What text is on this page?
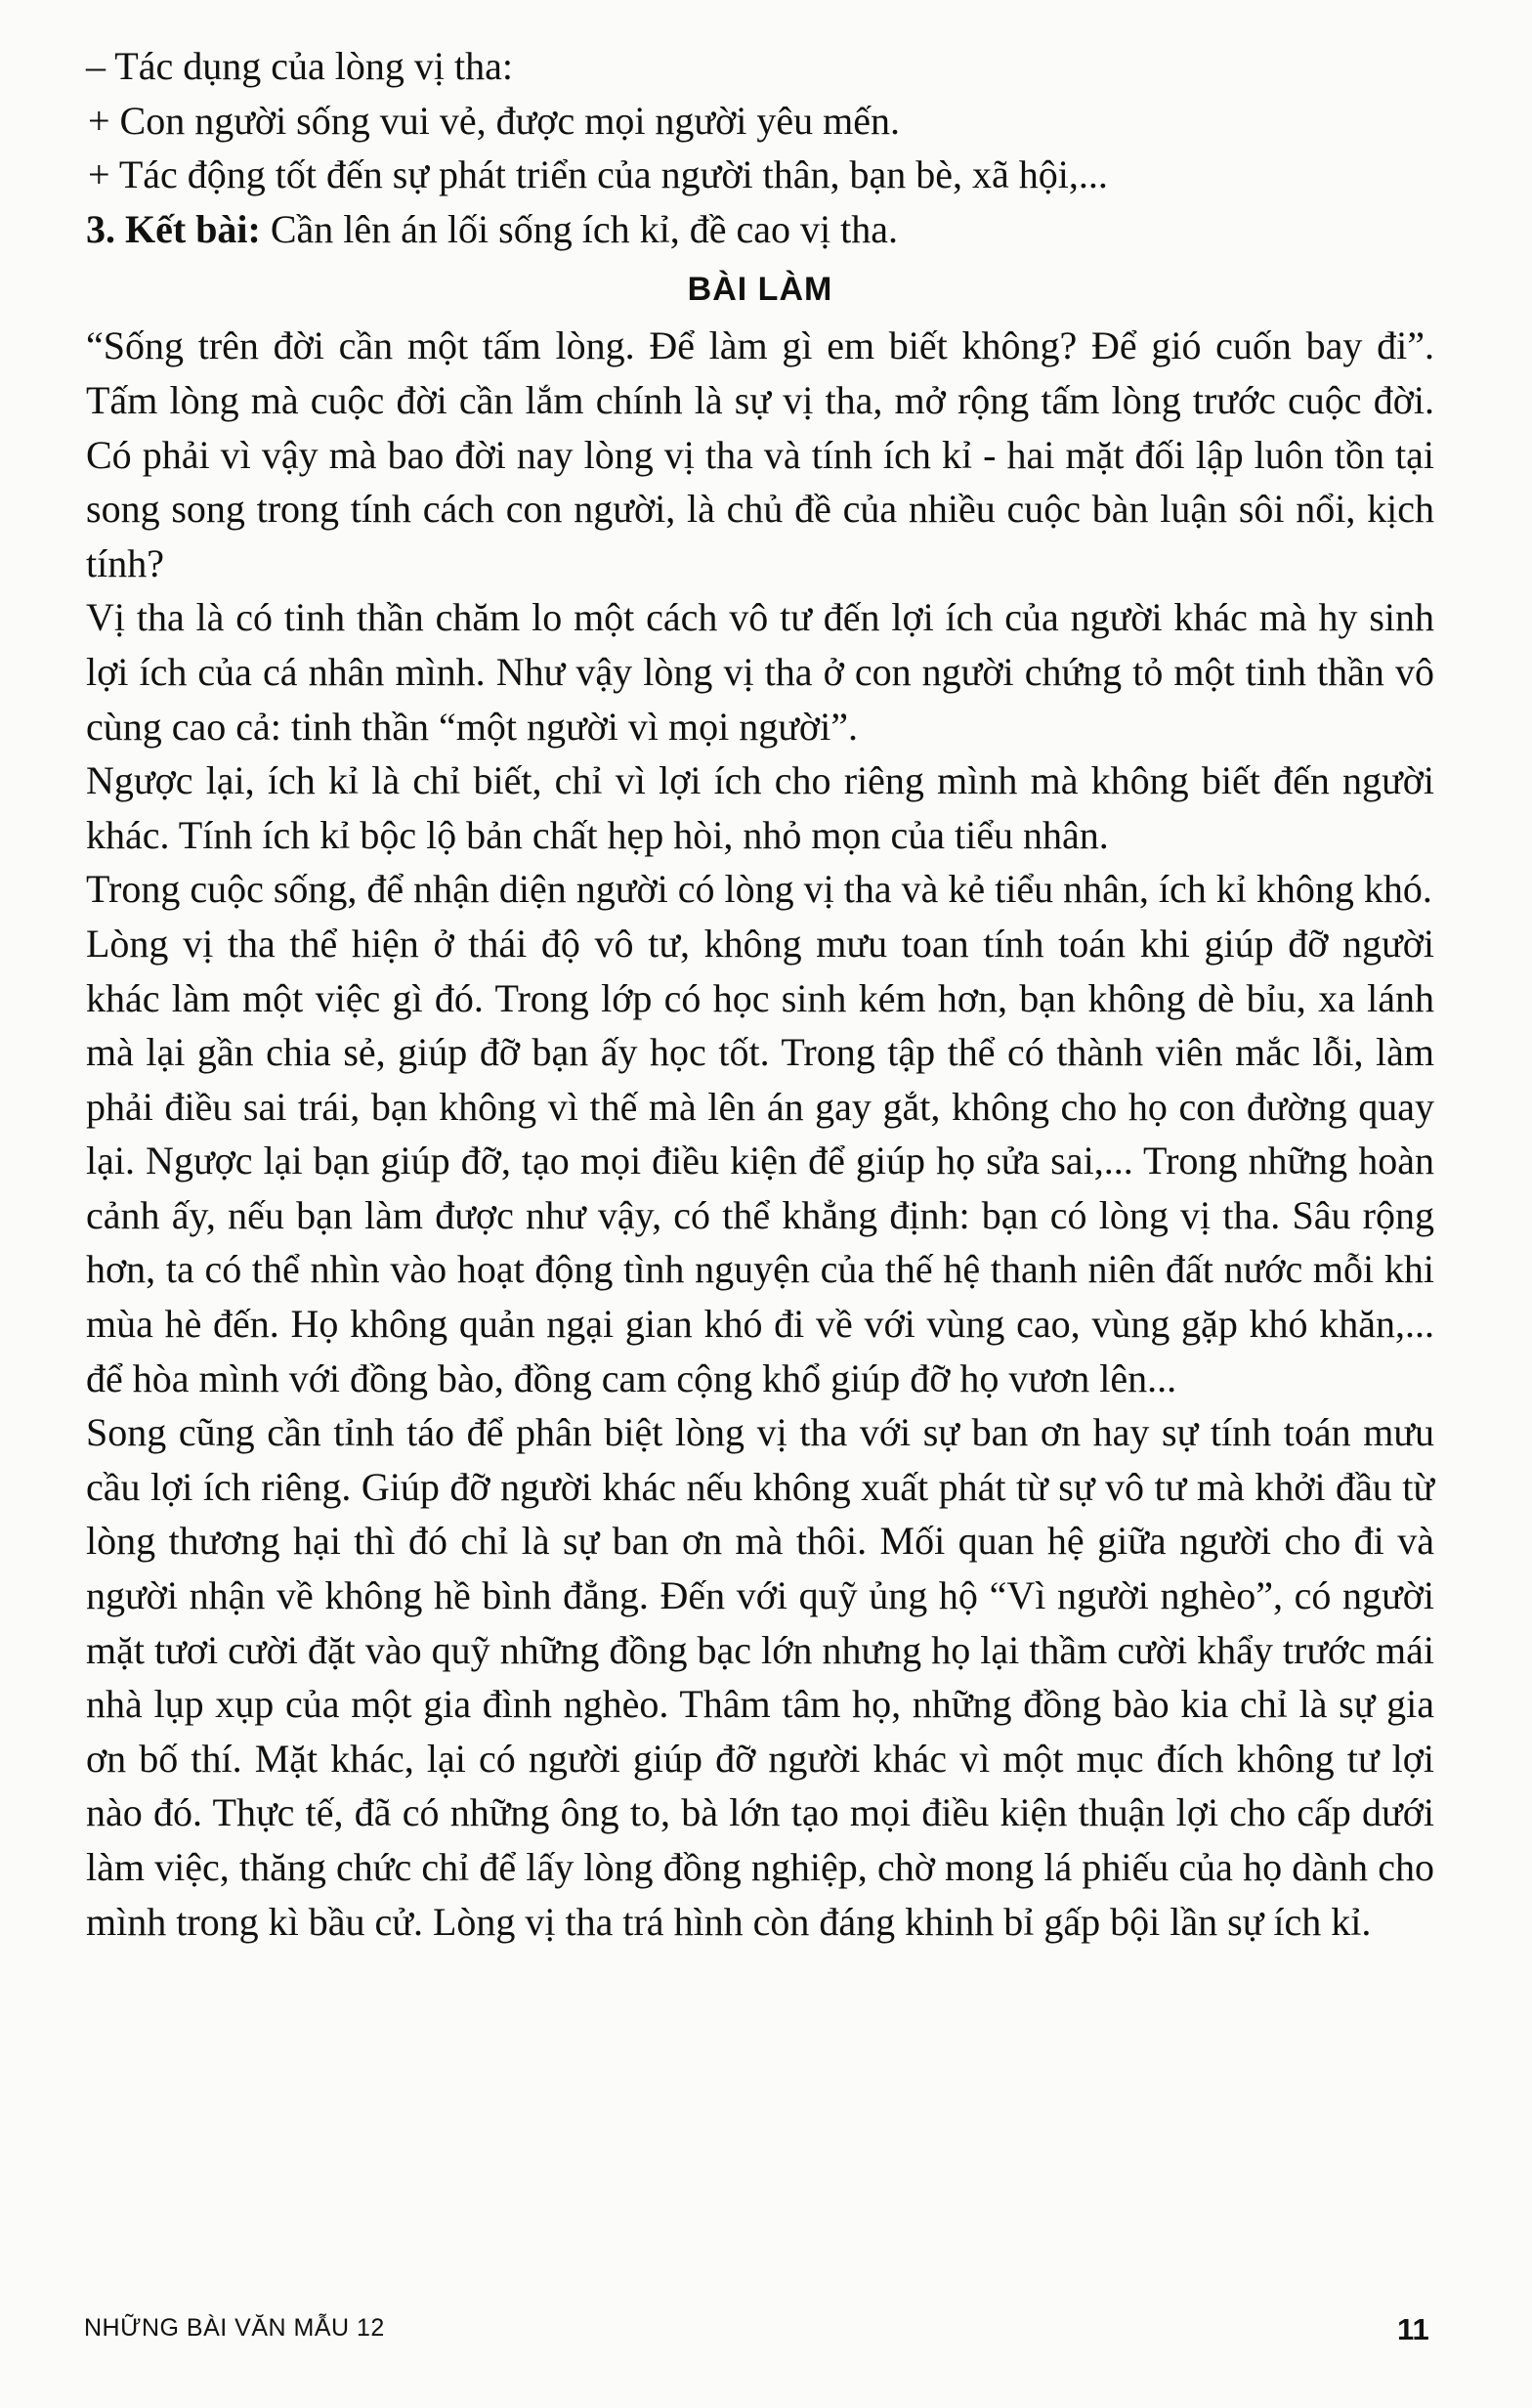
– Tác dụng của lòng vị tha:

+ Con người sống vui vẻ, được mọi người yêu mến.

+ Tác động tốt đến sự phát triển của người thân, bạn bè, xã hội,...

3. Kết bài: Cần lên án lối sống ích kỉ, đề cao vị tha.

BÀI LÀM

“Sống trên đời cần một tấm lòng. Để làm gì em biết không? Để gió cuốn bay đi”. Tấm lòng mà cuộc đời cần lắm chính là sự vị tha, mở rộng tấm lòng trước cuộc đời. Có phải vì vậy mà bao đời nay lòng vị tha và tính ích kỉ - hai mặt đối lập luôn tồn tại song song trong tính cách con người, là chủ đề của nhiều cuộc bàn luận sôi nổi, kịch tính?

Vị tha là có tinh thần chăm lo một cách vô tư đến lợi ích của người khác mà hy sinh lợi ích của cá nhân mình. Như vậy lòng vị tha ở con người chứng tỏ một tinh thần vô cùng cao cả: tinh thần “một người vì mọi người”.

Ngược lại, ích kỉ là chỉ biết, chỉ vì lợi ích cho riêng mình mà không biết đến người khác. Tính ích kỉ bộc lộ bản chất hẹp hòi, nhỏ mọn của tiểu nhân.

Trong cuộc sống, để nhận diện người có lòng vị tha và kẻ tiểu nhân, ích kỉ không khó.

Lòng vị tha thể hiện ở thái độ vô tư, không mưu toan tính toán khi giúp đỡ người khác làm một việc gì đó. Trong lớp có học sinh kém hơn, bạn không dè bỉu, xa lánh mà lại gần chia sẻ, giúp đỡ bạn ấy học tốt. Trong tập thể có thành viên mắc lỗi, làm phải điều sai trái, bạn không vì thế mà lên án gay gắt, không cho họ con đường quay lại. Ngược lại bạn giúp đỡ, tạo mọi điều kiện để giúp họ sửa sai,... Trong những hoàn cảnh ấy, nếu bạn làm được như vậy, có thể khẳng định: bạn có lòng vị tha. Sâu rộng hơn, ta có thể nhìn vào hoạt động tình nguyện của thế hệ thanh niên đất nước mỗi khi mùa hè đến. Họ không quản ngại gian khó đi về với vùng cao, vùng gặp khó khăn,... để hòa mình với đồng bào, đồng cam cộng khổ giúp đỡ họ vươn lên...

Song cũng cần tỉnh táo để phân biệt lòng vị tha với sự ban ơn hay sự tính toán mưu cầu lợi ích riêng. Giúp đỡ người khác nếu không xuất phát từ sự vô tư mà khởi đầu từ lòng thương hại thì đó chỉ là sự ban ơn mà thôi. Mối quan hệ giữa người cho đi và người nhận về không hề bình đẳng. Đến với quỹ ủng hộ “Vì người nghèo”, có người mặt tươi cười đặt vào quỹ những đồng bạc lớn nhưng họ lại thầm cười khẩy trước mái nhà lụp xụp của một gia đình nghèo. Thâm tâm họ, những đồng bào kia chỉ là sự gia ơn bố thí. Mặt khác, lại có người giúp đỡ người khác vì một mục đích không tư lợi nào đó. Thực tế, đã có những ông to, bà lớn tạo mọi điều kiện thuận lợi cho cấp dưới làm việc, thăng chức chỉ để lấy lòng đồng nghiệp, chờ mong lá phiếu của họ dành cho mình trong kì bầu cử. Lòng vị tha trá hình còn đáng khinh bỉ gấp bội lần sự ích kỉ.

NHỮNG BÀI VĂN MẪU 12	11
